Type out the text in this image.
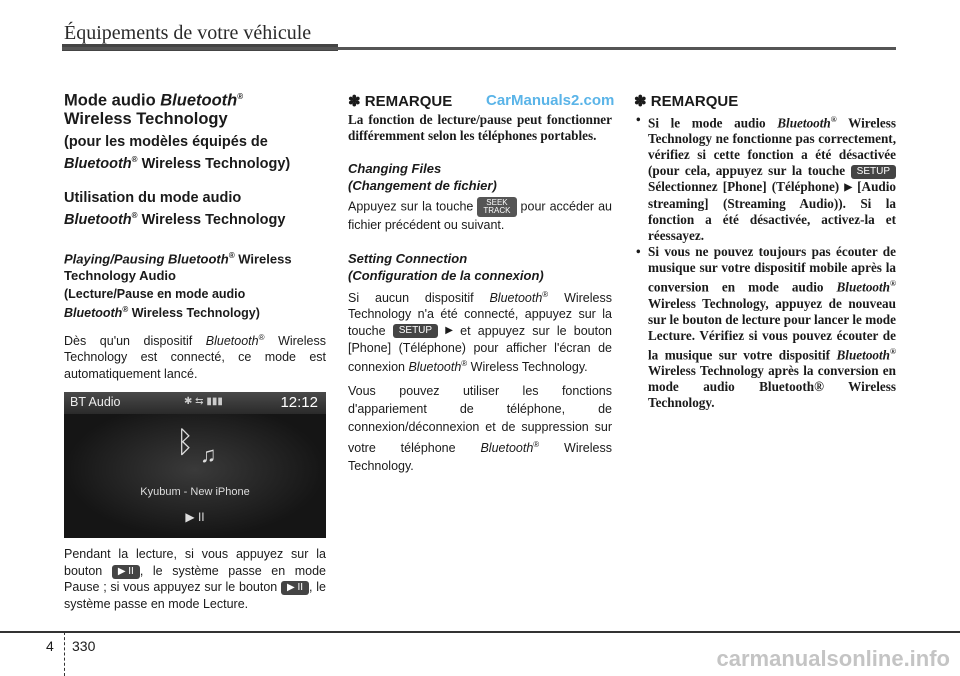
Équipements de votre véhicule

Mode audio Bluetooth®
Wireless Technology

(pour les modèles équipés de
Bluetooth® Wireless Technology)

Utilisation du mode audio
Bluetooth® Wireless Technology

Playing/Pausing Bluetooth® Wireless Technology Audio

(Lecture/Pause en mode audio
Bluetooth® Wireless Technology)

Dès qu'un dispositif Bluetooth® Wireless Technology est connecté, ce mode est automatiquement lancé.

BT Audio	✱ ⇆ ▮▮▮	12:12
ᛒ ♫
Kyubum - New iPhone
▶ II

Pendant la lecture, si vous appuyez sur la bouton ▶ II , le système passe en mode Pause ; si vous appuyez sur le bouton ▶ II , le système passe en mode Lecture.

✽ REMARQUE

La fonction de lecture/pause peut fonctionner différemment selon les téléphones portables.

Changing Files
(Changement de fichier)

Appuyez sur la touche SEEK
TRACK pour accéder au fichier précédent ou suivant.

Setting Connection
(Configuration de la connexion)

Si aucun dispositif Bluetooth® Wireless Technology n'a été connecté, appuyez sur la touche SETUP ▶ et appuyez sur le bouton [Phone] (Téléphone) pour afficher l'écran de connexion Bluetooth® Wireless Technology.

Vous pouvez utiliser les fonctions d'appariement de téléphone, de connexion/déconnexion et de suppression sur votre téléphone Bluetooth® Wireless Technology.

CarManuals2.com ✽ REMARQUE

• Si le mode audio Bluetooth® Wireless Technology ne fonctionne pas correctement, vérifiez si cette fonction a été désactivée (pour cela, appuyez sur la touche SETUP Sélectionnez [Phone] (Téléphone) ▶ [Audio streaming] (Streaming Audio)). Si la fonction a été désactivée, activez-la et réessayez.
• Si vous ne pouvez toujours pas écouter de musique sur votre dispositif mobile après la conversion en mode audio Bluetooth® Wireless Technology, appuyez de nouveau sur le bouton de lecture pour lancer le mode Lecture. Vérifiez si vous pouvez écouter de la musique sur votre dispositif Bluetooth® Wireless Technology après la conversion en mode audio Bluetooth® Wireless Technology.
4 330	carmanualsonline.info
